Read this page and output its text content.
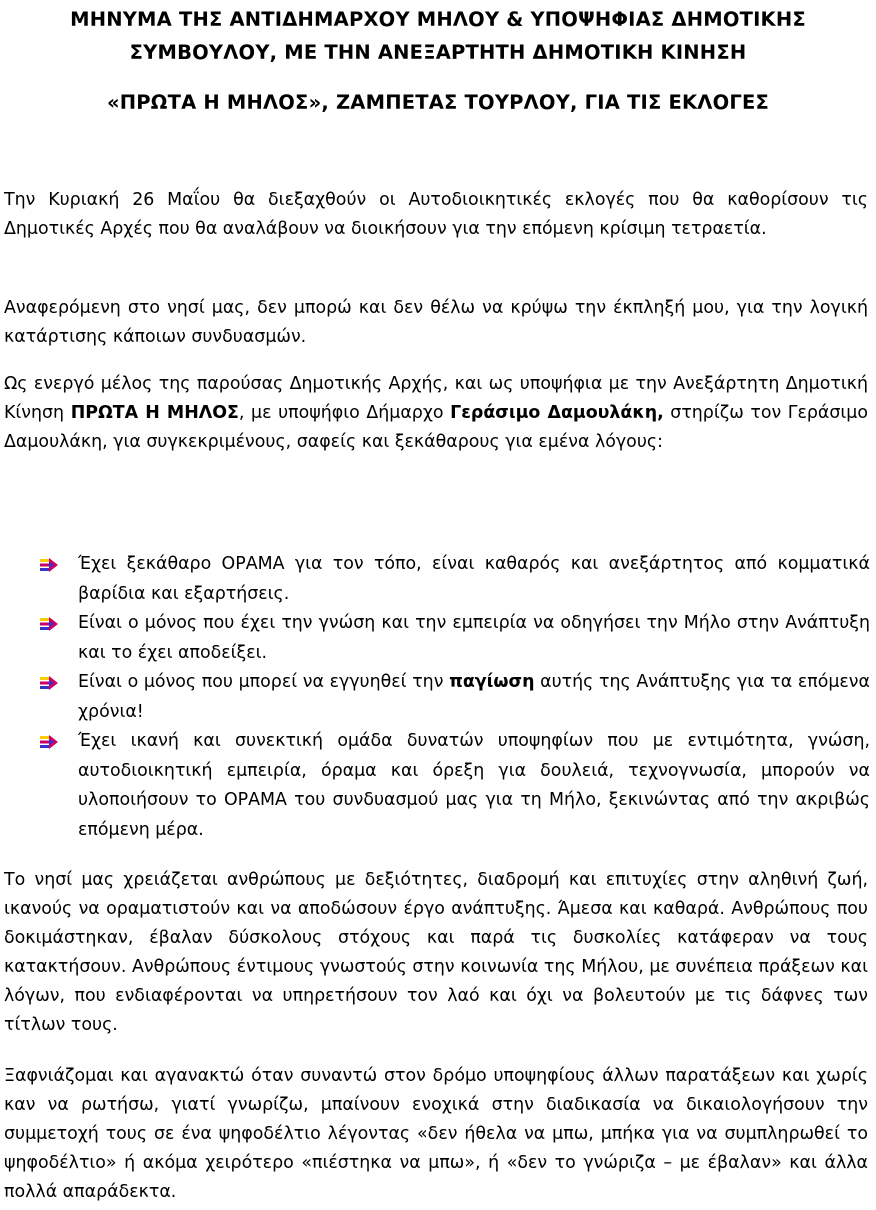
ΜΗΝΥΜΑ ΤΗΣ ΑΝΤΙΔΗΜΑΡΧΟΥ ΜΗΛΟΥ & ΥΠΟΨΗΦΙΑΣ ΔΗΜΟΤΙΚΗΣ
ΣΥΜΒΟΥΛΟΥ, ΜΕ ΤΗΝ ΑΝΕΞΑΡΤΗΤΗ ΔΗΜΟΤΙΚΗ ΚΙΝΗΣΗ
«ΠΡΩΤΑ Η ΜΗΛΟΣ», ΖΑΜΠΕΤΑΣ ΤΟΥΡΛΟΥ, ΓΙΑ ΤΙΣ ΕΚΛΟΓΕΣ

Την Κυριακή 26 Μαΐου θα διεξαχθούν οι Αυτοδιοικητικές εκλογές που θα καθορίσουν τις Δημοτικές Αρχές που θα αναλάβουν να διοικήσουν για την επόμενη κρίσιμη τετραετία.

Αναφερόμενη στο νησί μας, δεν μπορώ και δεν θέλω να κρύψω την έκπληξή μου, για την λογική κατάρτισης κάποιων συνδυασμών.

Ως ενεργό μέλος της παρούσας Δημοτικής Αρχής, και ως υποψήφια με την Ανεξάρτητη Δημοτική Κίνηση ΠΡΩΤΑ Η ΜΗΛΟΣ, με υποψήφιο Δήμαρχο Γεράσιμο Δαμουλάκη, στηρίζω τον Γεράσιμο Δαμουλάκη, για συγκεκριμένους, σαφείς και ξεκάθαρους για εμένα λόγους:

Έχει ξεκάθαρο ΟΡΑΜΑ για τον τόπο, είναι καθαρός και ανεξάρτητος από κομματικά βαρίδια και εξαρτήσεις.
Είναι ο μόνος που έχει την γνώση και την εμπειρία να οδηγήσει την Μήλο στην Ανάπτυξη και το έχει αποδείξει.
Είναι ο μόνος που μπορεί να εγγυηθεί την παγίωση αυτής της Ανάπτυξης για τα επόμενα χρόνια!
Έχει ικανή και συνεκτική ομάδα δυνατών υποψηφίων που με εντιμότητα, γνώση, αυτοδιοικητική εμπειρία, όραμα και όρεξη για δουλειά, τεχνογνωσία, μπορούν να υλοποιήσουν το ΟΡΑΜΑ του συνδυασμού μας για τη Μήλο, ξεκινώντας από την ακριβώς επόμενη μέρα.

Το νησί μας χρειάζεται ανθρώπους με δεξιότητες, διαδρομή και επιτυχίες στην αληθινή ζωή, ικανούς να οραματιστούν και να αποδώσουν έργο ανάπτυξης. Άμεσα και καθαρά. Ανθρώπους που δοκιμάστηκαν, έβαλαν δύσκολους στόχους και παρά τις δυσκολίες κατάφεραν να τους κατακτήσουν. Ανθρώπους έντιμους γνωστούς στην κοινωνία της Μήλου, με συνέπεια πράξεων και λόγων, που ενδιαφέρονται να υπηρετήσουν τον λαό και όχι να βολευτούν με τις δάφνες των τίτλων τους.

Ξαφνιάζομαι και αγανακτώ όταν συναντώ στον δρόμο υποψηφίους άλλων παρατάξεων και χωρίς καν να ρωτήσω, γιατί γνωρίζω, μπαίνουν ενοχικά στην διαδικασία να δικαιολογήσουν την συμμετοχή τους σε ένα ψηφοδέλτιο λέγοντας «δεν ήθελα να μπω, μπήκα για να συμπληρωθεί το ψηφοδέλτιο» ή ακόμα χειρότερο «πιέστηκα να μπω», ή «δεν το γνώριζα – με έβαλαν» και άλλα πολλά απαράδεκτα.
